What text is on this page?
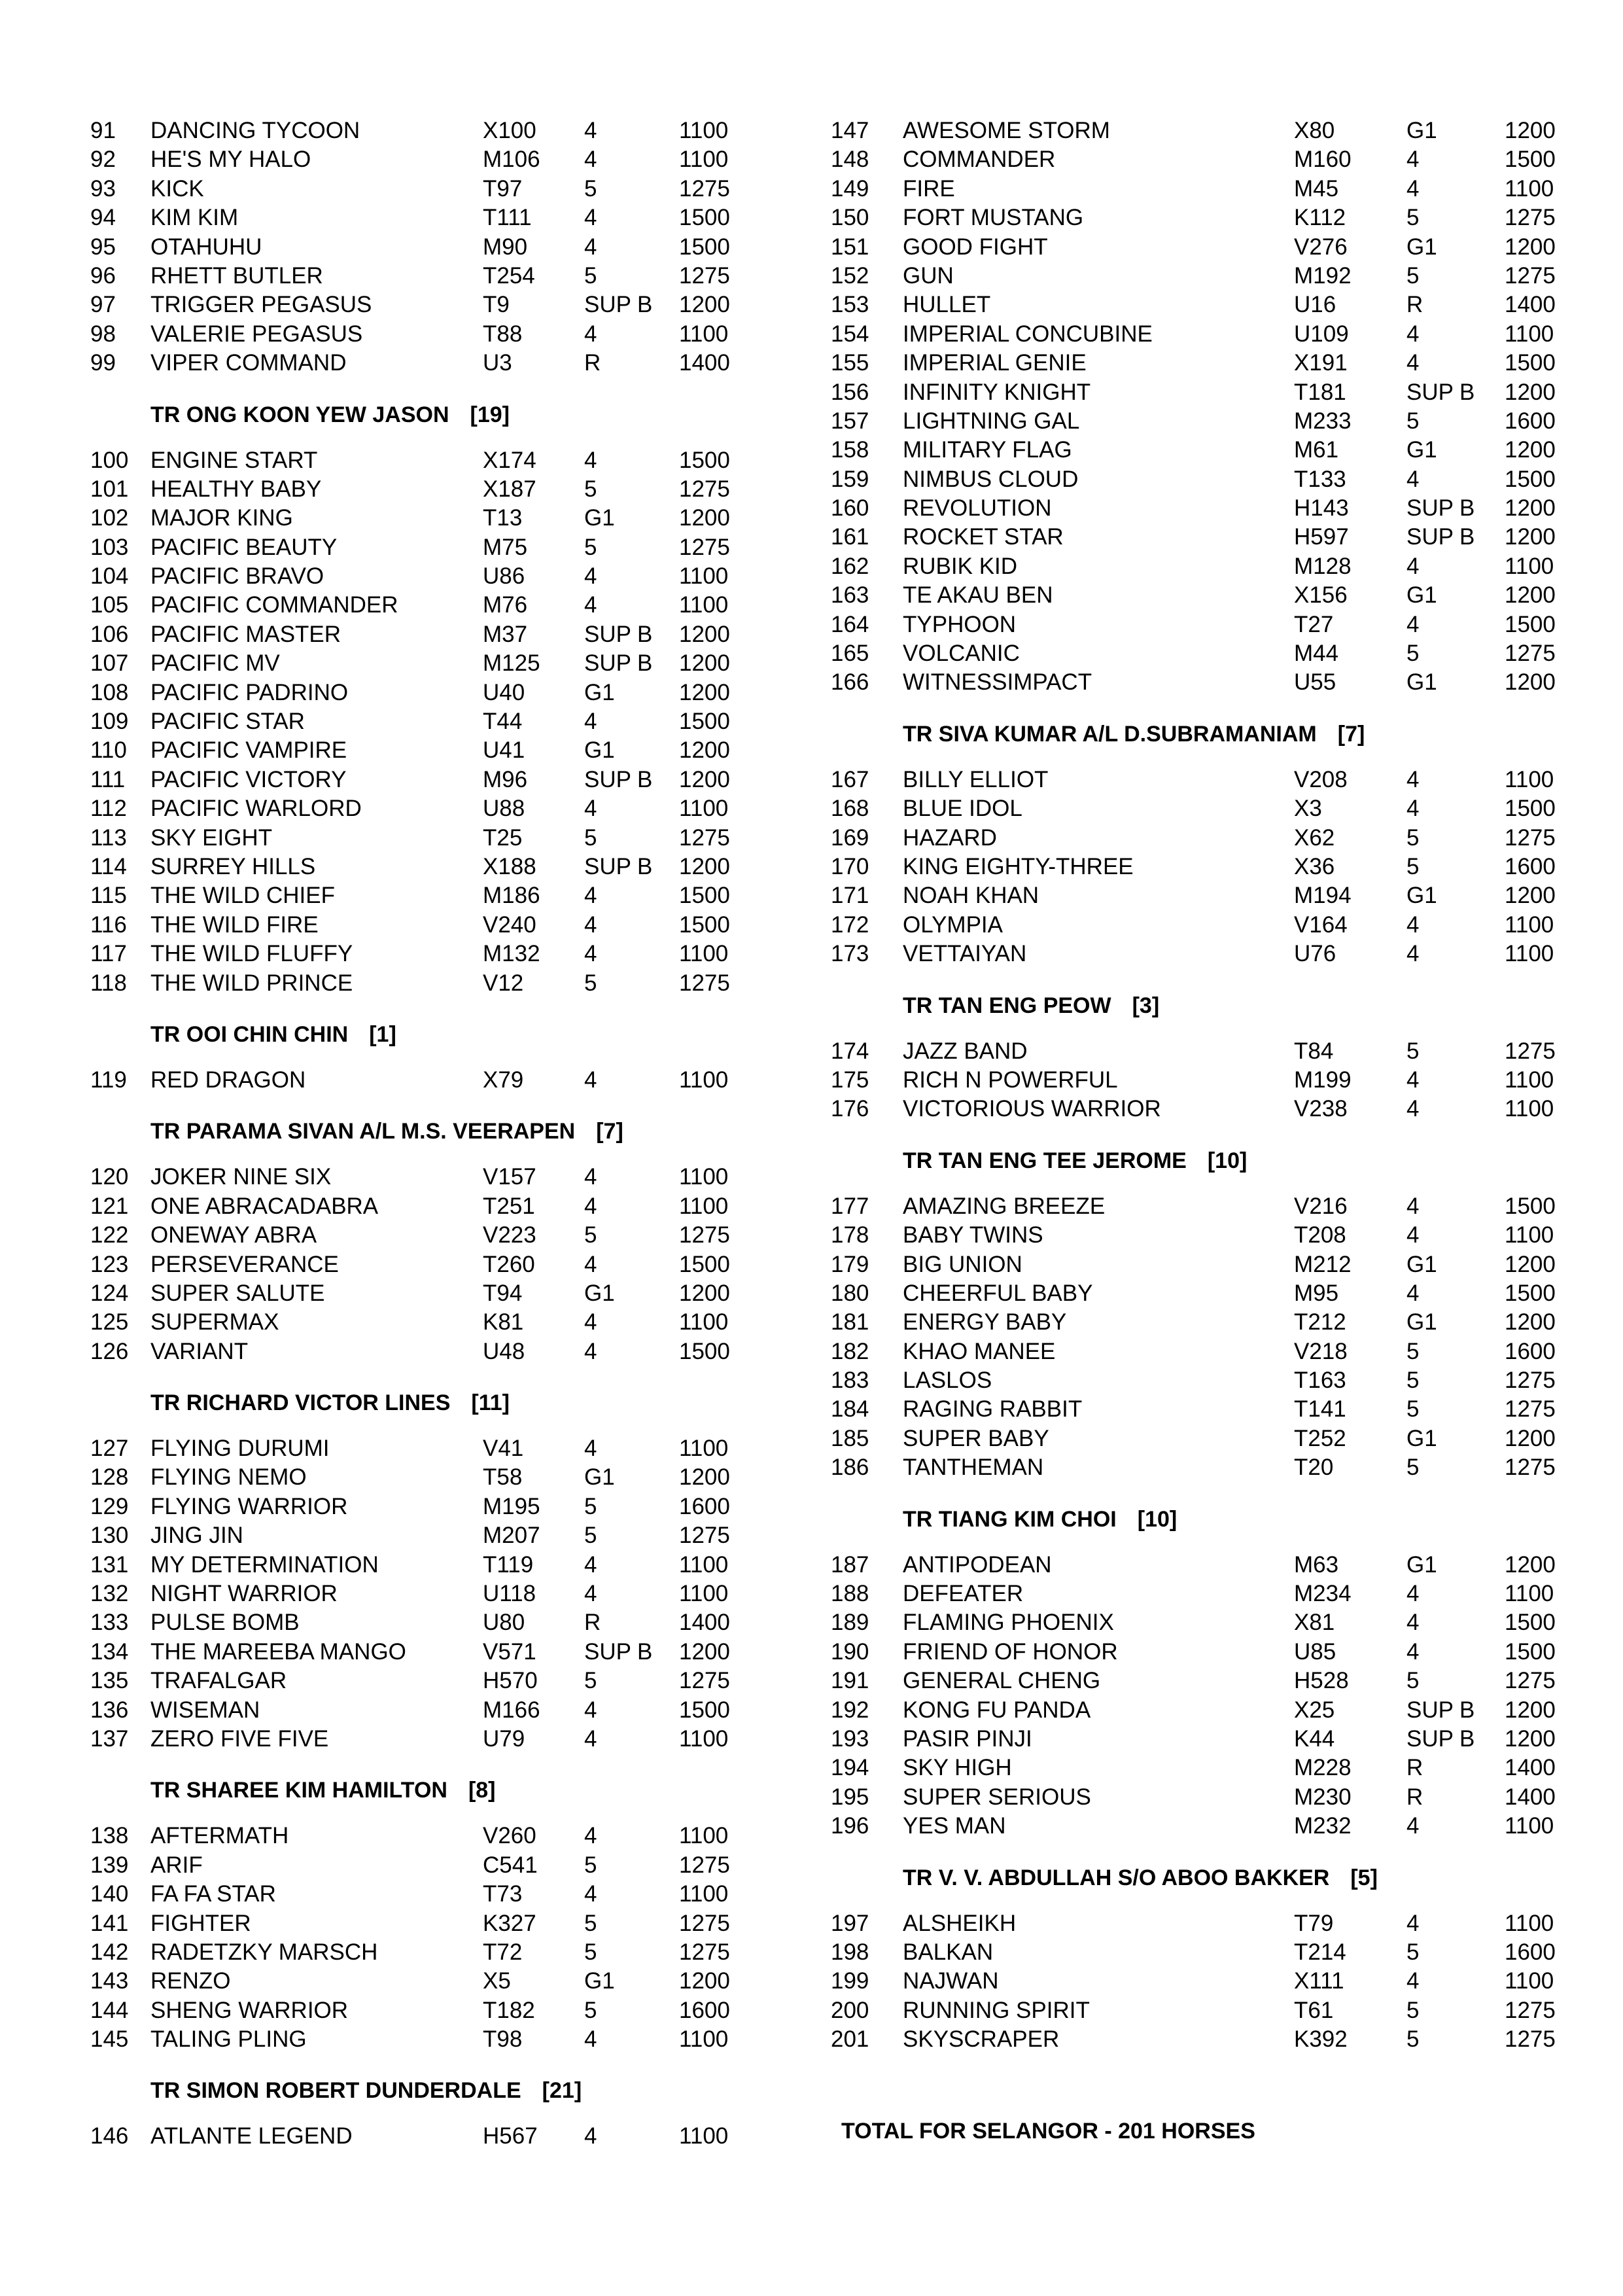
91 DANCING TYCOON	X100 4	1100
92 HE'S MY HALO	M106 4	1100
93 KICK	T97	5	1275
94 KIM KIM	T111 4	1500
95 OTAHUHU	M90 4	1500
96 RHETT BUTLER	T254 5	1275
97 TRIGGER PEGASUS	T9	SUP B 1200
98 VALERIE PEGASUS	T88	4	1100
99 VIPER COMMAND	U3	R	1400
TR ONG KOON YEW JASON [19]
100 ENGINE START	X174 4	1500
101 HEALTHY BABY	X187 5	1275
102 MAJOR KING	T13	G1	1200
103 PACIFIC BEAUTY	M75 5	1275
104 PACIFIC BRAVO	U86	4	1100
105 PACIFIC COMMANDER	M76 4	1100
106 PACIFIC MASTER	M37 SUP B 1200
107 PACIFIC MV	M125 SUP B 1200
108 PACIFIC PADRINO	U40	G1	1200
109 PACIFIC STAR	T44	4	1500
110 PACIFIC VAMPIRE	U41	G1	1200
111 PACIFIC VICTORY	M96 SUP B 1200
112 PACIFIC WARLORD	U88	4	1100
113 SKY EIGHT	T25	5	1275
114 SURREY HILLS	X188 SUP B 1200
115 THE WILD CHIEF	M186 4	1500
116 THE WILD FIRE	V240 4	1500
117 THE WILD FLUFFY	M132 4	1100
118 THE WILD PRINCE	V12	5	1275
TR OOI CHIN CHIN [1]
119 RED DRAGON	X79	4	1100
TR PARAMA SIVAN A/L M.S. VEERAPEN [7]
120 JOKER NINE SIX	V157 4	1100
121 ONE ABRACADABRA	T251 4	1100
122 ONEWAY ABRA	V223 5	1275
123 PERSEVERANCE	T260 4	1500
124 SUPER SALUTE	T94	G1	1200
125 SUPERMAX	K81	4	1100
126 VARIANT	U48	4	1500
TR RICHARD VICTOR LINES [11]
127 FLYING DURUMI	V41	4	1100
128 FLYING NEMO	T58	G1	1200
129 FLYING WARRIOR	M195 5	1600
130 JING JIN	M207 5	1275
131 MY DETERMINATION	T119 4	1100
132 NIGHT WARRIOR	U118 4	1100
133 PULSE BOMB	U80	R	1400
134 THE MAREEBA MANGO	V571 SUP B 1200
135 TRAFALGAR	H570 5	1275
136 WISEMAN	M166 4	1500
137 ZERO FIVE FIVE	U79	4	1100
TR SHAREE KIM HAMILTON [8]
138 AFTERMATH	V260 4	1100
139 ARIF	C541 5	1275
140 FA FA STAR	T73	4	1100
141 FIGHTER	K327 5	1275
142 RADETZKY MARSCH	T72	5	1275
143 RENZO	X5	G1	1200
144 SHENG WARRIOR	T182 5	1600
145 TALING PLING	T98	4	1100
TR SIMON ROBERT DUNDERDALE [21]
146 ATLANTE LEGEND	H567 4	1100
147 AWESOME STORM	X80	G1	1200
148 COMMANDER	M160 4	1500
149 FIRE	M45	4	1100
150 FORT MUSTANG	K112	5	1275
151 GOOD FIGHT	V276	G1	1200
152 GUN	M192 5	1275
153 HULLET	U16	R	1400
154 IMPERIAL CONCUBINE	U109	4	1100
155 IMPERIAL GENIE	X191	4	1500
156 INFINITY KNIGHT	T181	SUP B 1200
157 LIGHTNING GAL	M233 5	1600
158 MILITARY FLAG	M61	G1	1200
159 NIMBUS CLOUD	T133	4	1500
160 REVOLUTION	H143	SUP B 1200
161 ROCKET STAR	H597	SUP B 1200
162 RUBIK KID	M128 4	1100
163 TE AKAU BEN	X156	G1	1200
164 TYPHOON	T27	4	1500
165 VOLCANIC	M44	5	1275
166 WITNESSIMPACT	U55	G1	1200
TR SIVA KUMAR A/L D.SUBRAMANIAM [7]
167 BILLY ELLIOT	V208	4	1100
168 BLUE IDOL	X3	4	1500
169 HAZARD	X62	5	1275
170 KING EIGHTY-THREE	X36	5	1600
171 NOAH KHAN	M194 G1	1200
172 OLYMPIA	V164	4	1100
173 VETTAIYAN	U76	4	1100
TR TAN ENG PEOW [3]
174 JAZZ BAND	T84	5	1275
175 RICH N POWERFUL	M199 4	1100
176 VICTORIOUS WARRIOR	V238	4	1100
TR TAN ENG TEE JEROME [10]
177 AMAZING BREEZE	V216	4	1500
178 BABY TWINS	T208	4	1100
179 BIG UNION	M212 G1	1200
180 CHEERFUL BABY	M95	4	1500
181 ENERGY BABY	T212	G1	1200
182 KHAO MANEE	V218	5	1600
183 LASLOS	T163	5	1275
184 RAGING RABBIT	T141	5	1275
185 SUPER BABY	T252	G1	1200
186 TANTHEMAN	T20	5	1275
TR TIANG KIM CHOI [10]
187 ANTIPODEAN	M63	G1	1200
188 DEFEATER	M234 4	1100
189 FLAMING PHOENIX	X81	4	1500
190 FRIEND OF HONOR	U85	4	1500
191 GENERAL CHENG	H528	5	1275
192 KONG FU PANDA	X25	SUP B 1200
193 PASIR PINJI	K44	SUP B 1200
194 SKY HIGH	M228 R	1400
195 SUPER SERIOUS	M230 R	1400
196 YES MAN	M232 4	1100
TR V. V. ABDULLAH S/O ABOO BAKKER [5]
197 ALSHEIKH	T79	4	1100
198 BALKAN	T214	5	1600
199 NAJWAN	X111	4	1100
200 RUNNING SPIRIT	T61	5	1275
201 SKYSCRAPER	K392	5	1275
TOTAL FOR SELANGOR - 201 HORSES
